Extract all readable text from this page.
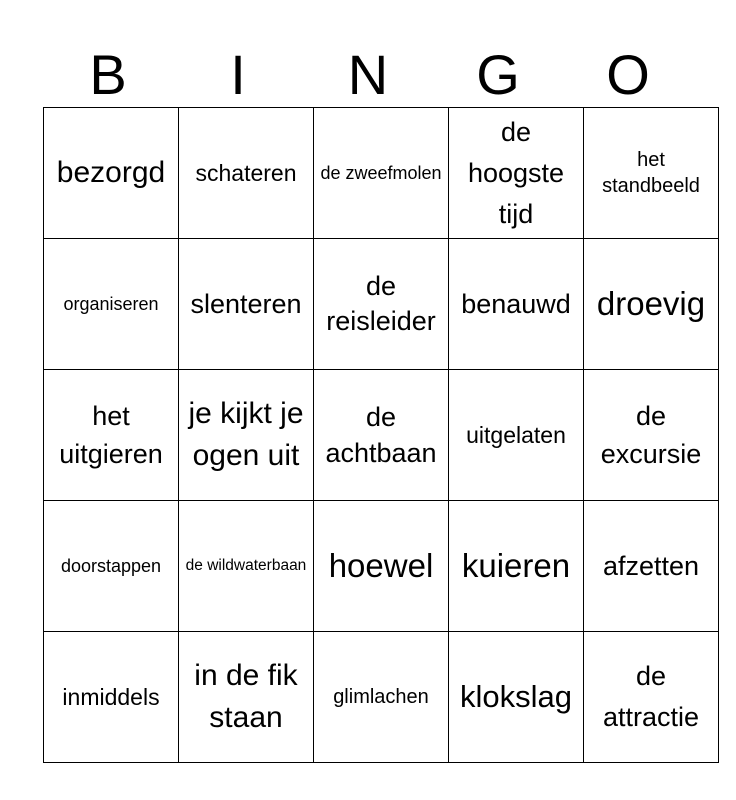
B	I	N	G	O
bezorgd	schateren	de zweefmolen	de hoogste tijd	het standbeeld

organiseren	slenteren	de reisleider	benauwd	droevig

het uitgieren	je kijkt je ogen uit	de achtbaan	uitgelaten	de excursie

doorstappen	de wildwaterbaan	hoewel	kuieren	afzetten

inmiddels	in de fik staan	glimlachen	klokslag	de attractie
